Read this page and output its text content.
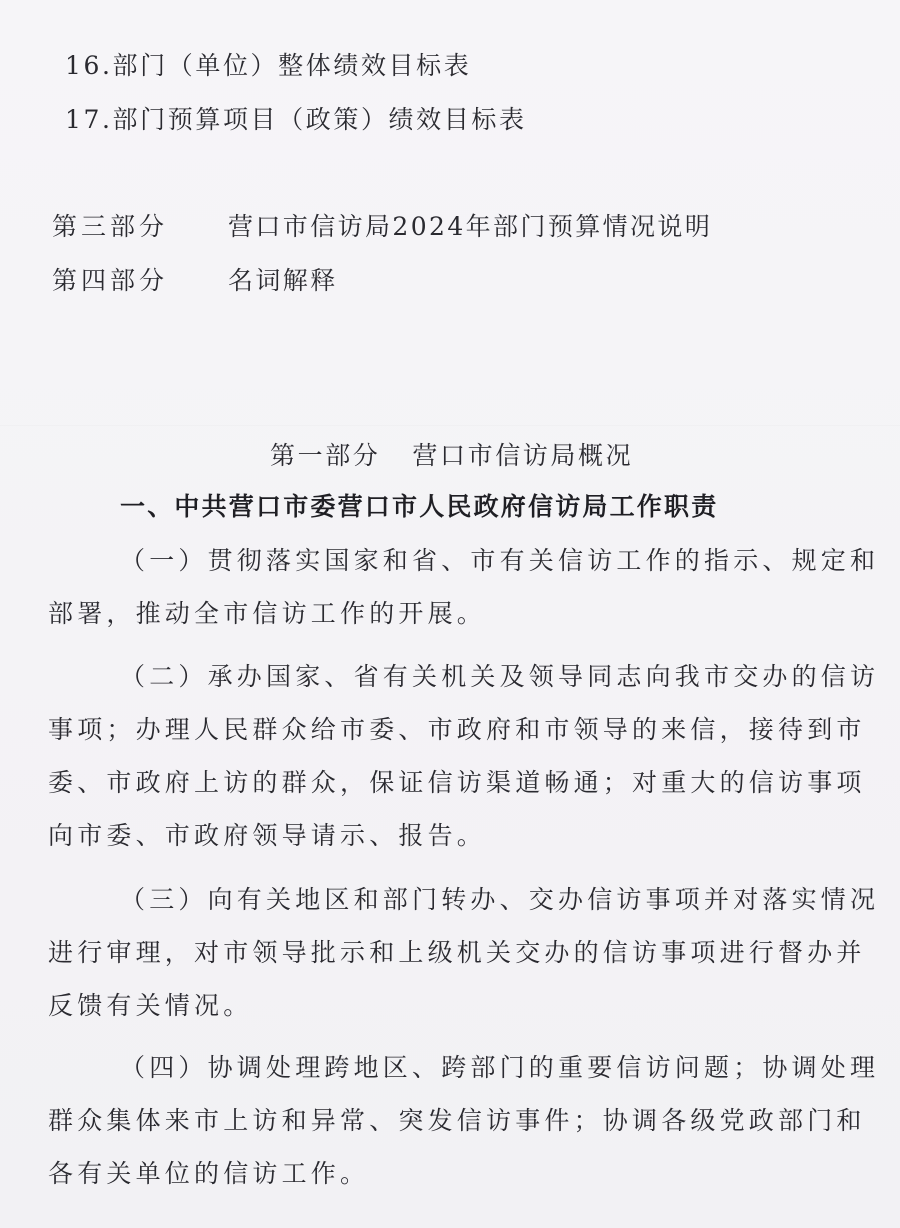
16.部门（单位）整体绩效目标表
17.部门预算项目（政策）绩效目标表
第三部分 营口市信访局2024年部门预算情况说明
第四部分 名词解释
第一部分 营口市信访局概况
一、中共营口市委营口市人民政府信访局工作职责
（一）贯彻落实国家和省、市有关信访工作的指示、规定和
部署，推动全市信访工作的开展。
（二）承办国家、省有关机关及领导同志向我市交办的信访
事项；办理人民群众给市委、市政府和市领导的来信，接待到市
委、市政府上访的群众，保证信访渠道畅通；对重大的信访事项
向市委、市政府领导请示、报告。
（三）向有关地区和部门转办、交办信访事项并对落实情况
进行审理，对市领导批示和上级机关交办的信访事项进行督办并
反馈有关情况。
（四）协调处理跨地区、跨部门的重要信访问题；协调处理
群众集体来市上访和异常、突发信访事件；协调各级党政部门和
各有关单位的信访工作。
